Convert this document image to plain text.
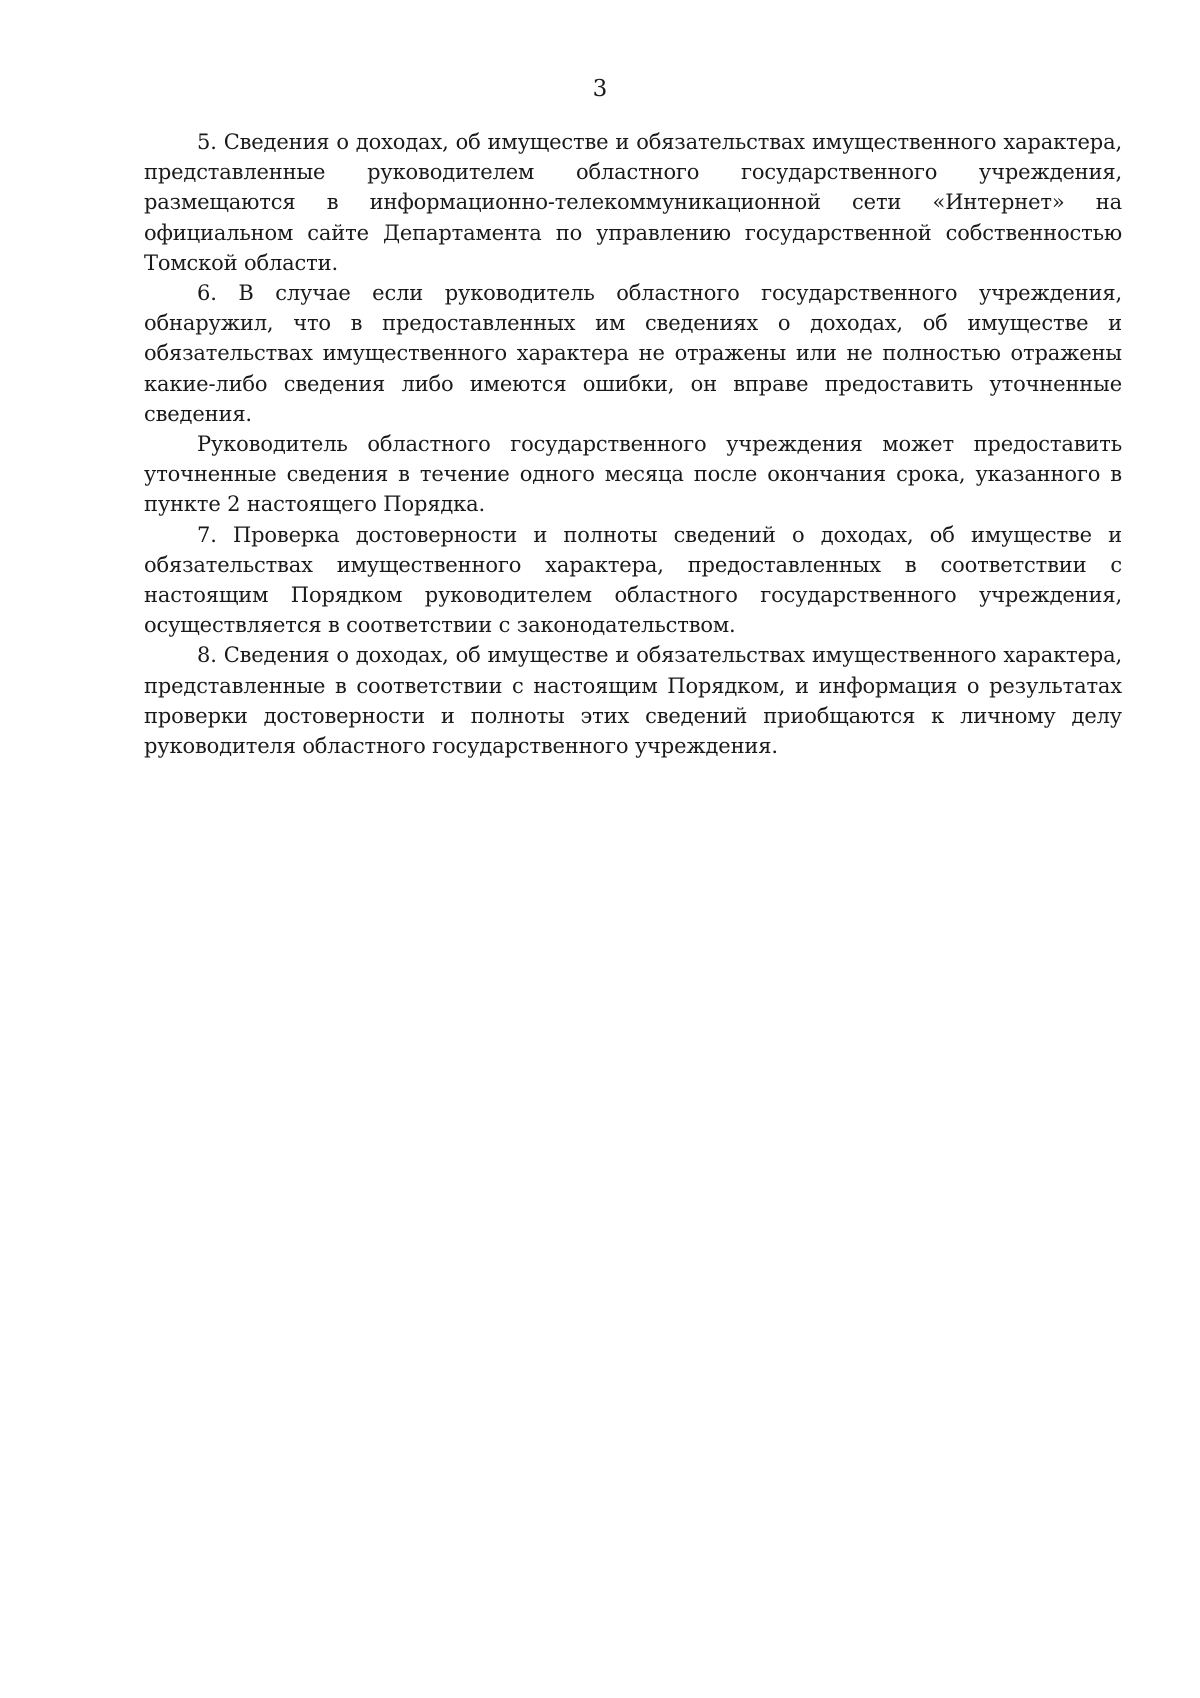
3

5. Сведения о доходах, об имуществе и обязательствах имущественного характера, представленные руководителем областного государственного учреждения, размещаются в информационно-телекоммуникационной сети «Интернет» на официальном сайте Департамента по управлению государственной собственностью Томской области.

6. В случае если руководитель областного государственного учреждения, обнаружил, что в предоставленных им сведениях о доходах, об имуществе и обязательствах имущественного характера не отражены или не полностью отражены какие-либо сведения либо имеются ошибки, он вправе предоставить уточненные сведения.

Руководитель областного государственного учреждения может предоставить уточненные сведения в течение одного месяца после окончания срока, указанного в пункте 2 настоящего Порядка.

7. Проверка достоверности и полноты сведений о доходах, об имуществе и обязательствах имущественного характера, предоставленных в соответствии с настоящим Порядком руководителем областного государственного учреждения, осуществляется в соответствии с законодательством.

8. Сведения о доходах, об имуществе и обязательствах имущественного характера, представленные в соответствии с настоящим Порядком, и информация о результатах проверки достоверности и полноты этих сведений приобщаются к личному делу руководителя областного государственного учреждения.
